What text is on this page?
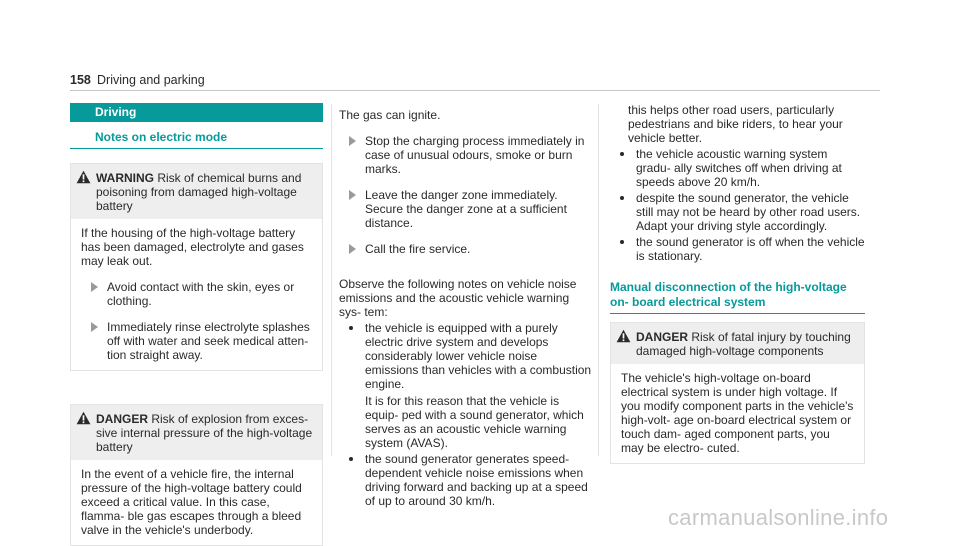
158 Driving and parking
Driving
Notes on electric mode
WARNING Risk of chemical burns and poisoning from damaged high-voltage battery

If the housing of the high-voltage battery has been damaged, electrolyte and gases may leak out.

Avoid contact with the skin, eyes or clothing.
Immediately rinse electrolyte splashes off with water and seek medical atten- tion straight away.
DANGER Risk of explosion from exces- sive internal pressure of the high-voltage battery

In the event of a vehicle fire, the internal pressure of the high-voltage battery could exceed a critical value. In this case, flamma- ble gas escapes through a bleed valve in the vehicle's underbody.

The gas can ignite.

Stop the charging process immediately in case of unusual odours, smoke or burn marks.
Leave the danger zone immediately. Secure the danger zone at a sufficient distance.
Call the fire service.

Observe the following notes on vehicle noise emissions and the acoustic vehicle warning sys- tem:

the vehicle is equipped with a purely electric drive system and develops considerably lower vehicle noise emissions than vehicles with a combustion engine.

It is for this reason that the vehicle is equip- ped with a sound generator, which serves as an acoustic vehicle warning system (AVAS).

the sound generator generates speed- dependent vehicle noise emissions when driving forward and backing up at a speed of up to around 30 km/h.

this helps other road users, particularly pedestrians and bike riders, to hear your vehicle better.

the vehicle acoustic warning system gradu- ally switches off when driving at speeds above 20 km/h.
despite the sound generator, the vehicle still may not be heard by other road users. Adapt your driving style accordingly.
the sound generator is off when the vehicle is stationary.
Manual disconnection of the high-voltage on- board electrical system
DANGER Risk of fatal injury by touching damaged high-voltage components

The vehicle's high-voltage on-board electrical system is under high voltage. If you modify component parts in the vehicle's high-volt- age on-board electrical system or touch dam- aged component parts, you may be electro- cuted.

carmanualsonline.info
